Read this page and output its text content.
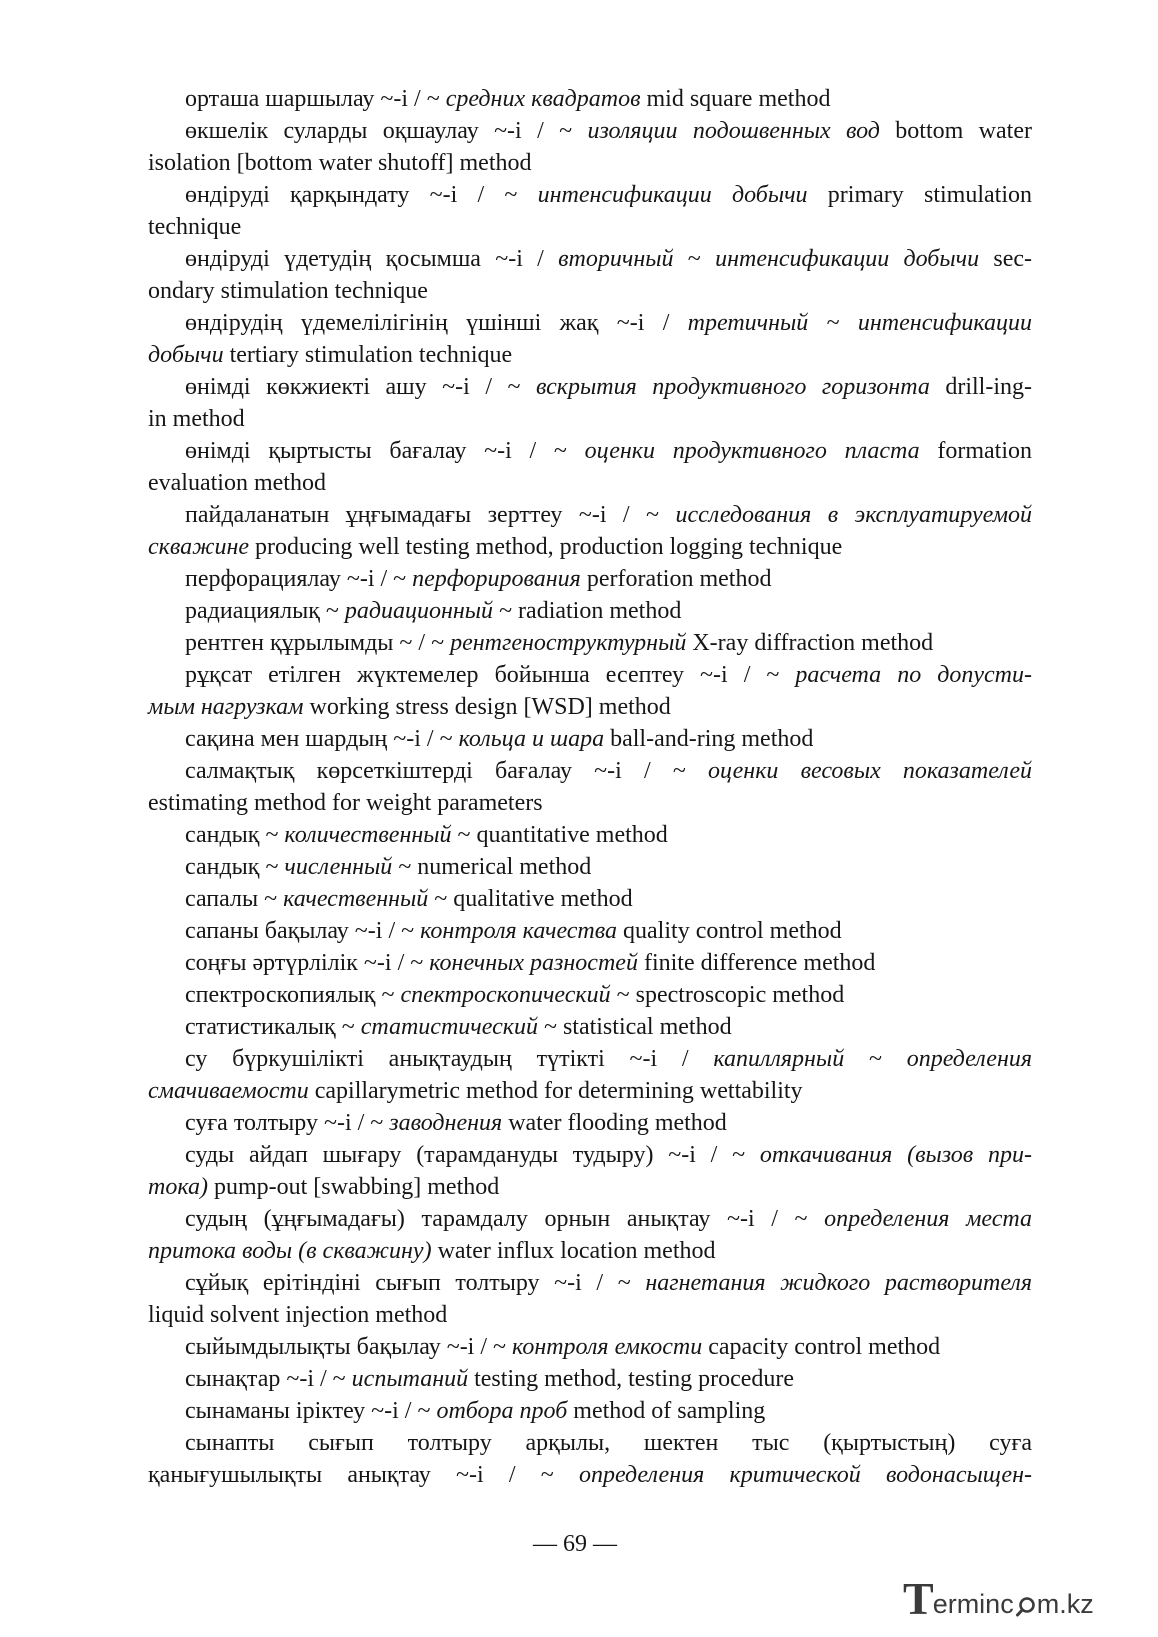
орташа шаршылау ~-і / ~ средних квадратов mid square method
өкшелік суларды оқшаулау ~-і / ~ изоляции подошвенных вод bottom water
isolation [bottom water shutoff] method
өндіруді қарқындату ~-і / ~ интенсификации добычи primary stimulation
technique
өндіруді үдетудің қосымша ~-і / вторичный ~ интенсификации добычи sec-
ondary stimulation technique
өндірудің үдемелілігінің үшінші жақ ~-і / третичный ~ интенсификации
добычи tertiary stimulation technique
өнімді көкжиекті ашу ~-і / ~ вскрытия продуктивного горизонта drill-ing-
in method
өнімді қыртысты бағалау ~-і / ~ оценки продуктивного пласта formation
evaluation method
пайдаланатын ұңғымадағы зерттеу ~-і / ~ исследования в эксплуатируемой
скважине producing well testing method, production logging technique
перфорациялау ~-і / ~ перфорирования perforation method
радиациялық ~ радиационный ~ radiation method
рентген құрылымды ~ / ~ рентгеноструктурный X-ray diffraction method
рұқсат етілген жүктемелер бойынша есептеу ~-і / ~ расчета по допусти-
мым нагрузкам working stress design [WSD] method
сақина мен шардың ~-і / ~ кольца и шара ball-and-ring method
салмақтық көрсеткіштерді бағалау ~-і / ~ оценки весовых показателей
estimating method for weight parameters
сандық ~ количественный ~ quantitative method
сандық ~ численный ~ numerical method
сапалы ~ качественный ~ qualitative method
сапаны бақылау ~-і / ~ контроля качества quality control method
соңғы әртүрлілік ~-і / ~ конечных разностей finite difference method
спектроскопиялық ~ спектроскопический ~ spectroscopic method
статистикалық ~ статистический ~ statistical method
су бүркушілікті анықтаудың түтікті ~-і / капиллярный ~ определения
смачиваемости capillarymetric method for determining wettability
суға толтыру ~-і / ~ заводнения water flooding method
суды айдап шығару (тарамдануды тудыру) ~-і / ~ откачивания (вызов при-
тока) pump-out [swabbing] method
судың (ұңғымадағы) тарамдалу орнын анықтау ~-і / ~ определения места
притока воды (в скважину) water influx location method
сұйық ерітіндіні сығып толтыру ~-і / ~ нагнетания жидкого растворителя
liquid solvent injection method
сыйымдылықты бақылау ~-і / ~ контроля емкости capacity control method
сынақтар ~-і / ~ испытаний testing method, testing procedure
сынаманы іріктеу ~-і / ~ отбора проб method of sampling
сынапты сығып толтыру арқылы, шектен тыс (қыртыстың) суға
қанығушылықты анықтау ~-і / ~ определения критической водонасыщен-
— 69 —
T erminc m.kz
